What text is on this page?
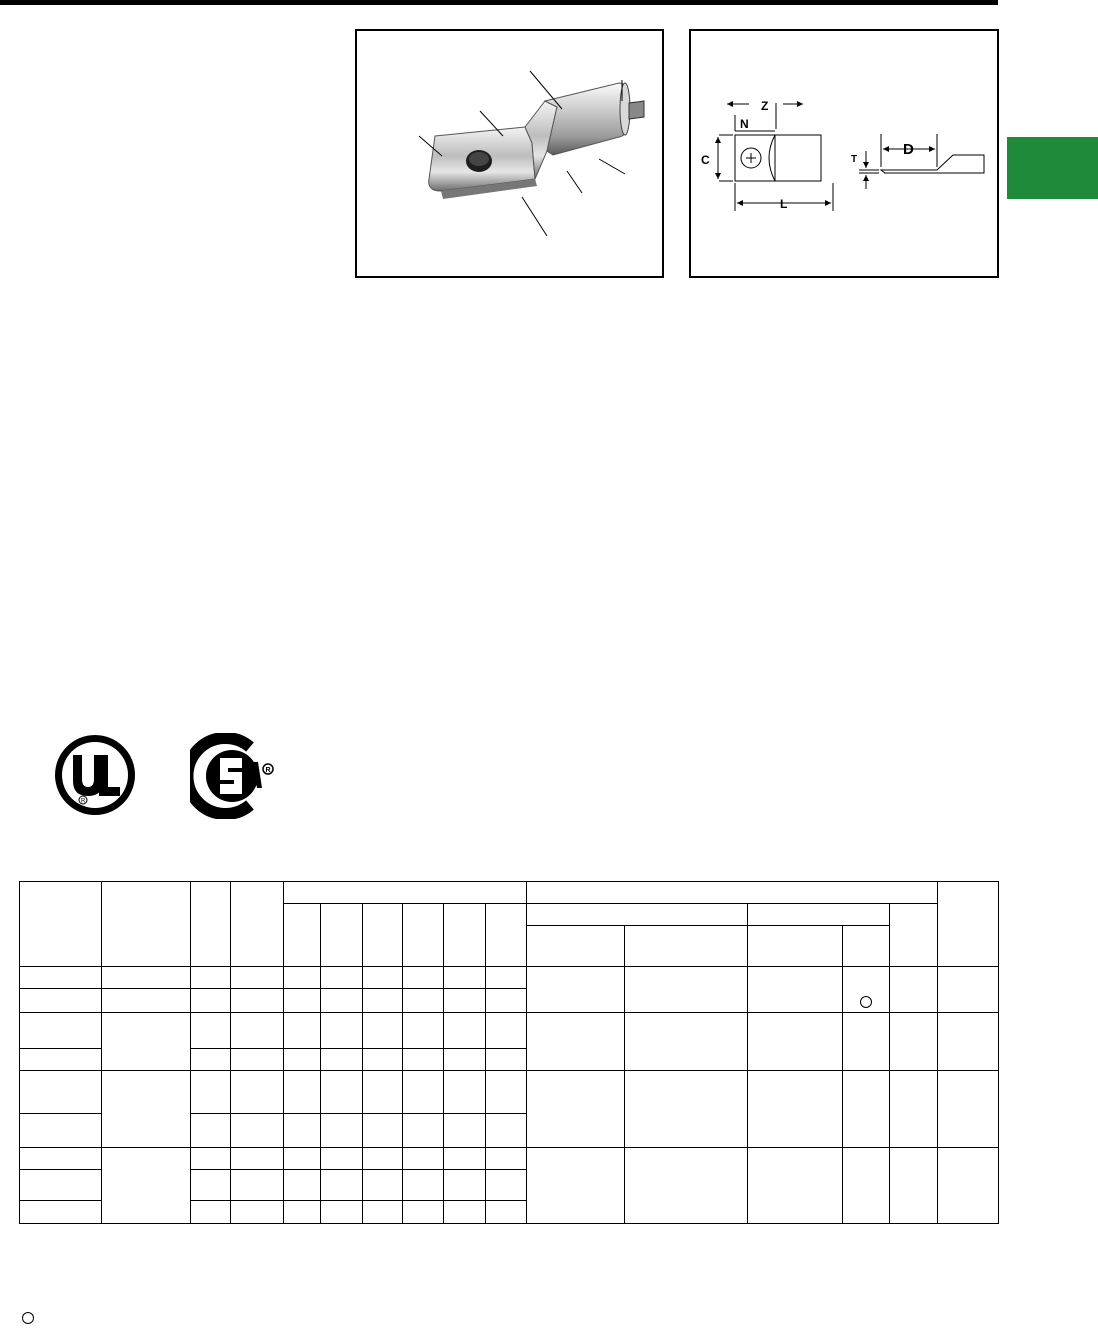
Z
N
C	T
D
L
R
R
